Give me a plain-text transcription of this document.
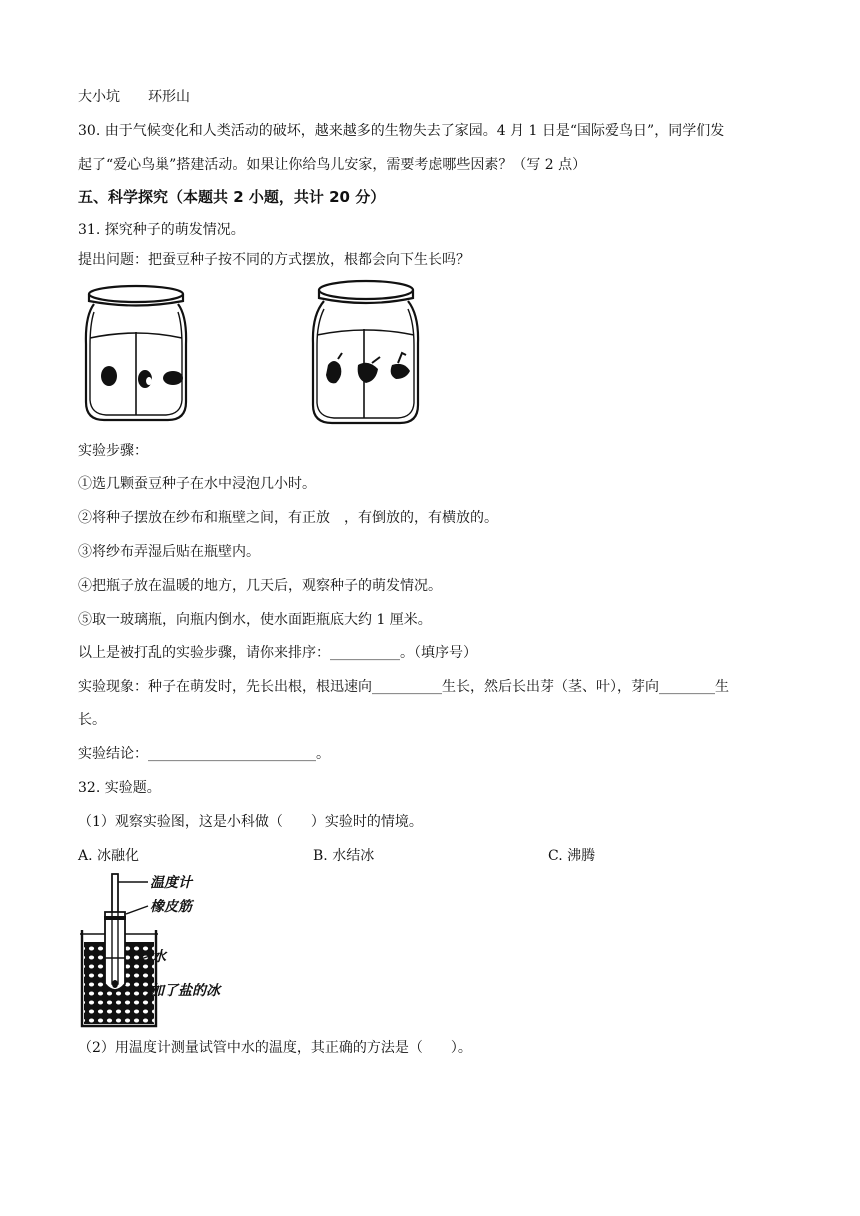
大小坑 环形山
30. 由于气候变化和人类活动的破坏，越来越多的生物失去了家园。4 月 1 日是“国际爱鸟日”，同学们发
起了“爱心鸟巢”搭建活动。如果让你给鸟儿安家，需要考虑哪些因素？（写 2 点）
五、科学探究（本题共 2 小题，共计 20 分）
31. 探究种子的萌发情况。
提出问题：把蚕豆种子按不同的方式摆放，根都会向下生长吗？
实验步骤：
①选几颗蚕豆种子在水中浸泡几小时。
②将种子摆放在纱布和瓶壁之间，有正放　，有倒放的，有横放的。
③将纱布弄湿后贴在瓶壁内。
④把瓶子放在温暖的地方，几天后，观察种子的萌发情况。
⑤取一玻璃瓶，向瓶内倒水，使水面距瓶底大约 1 厘米。
以上是被打乱的实验步骤，请你来排序：__________。（填序号）
实验现象：种子在萌发时，先长出根，根迅速向__________生长，然后长出芽（茎、叶），芽向________生
长。
实验结论：________________________。
32. 实验题。
（1）观察实验图，这是小科做（　　）实验时的情境。
A. 冰融化	B. 水结冰	C. 沸腾
温度计
橡皮筋
水
加了盐的冰
（2）用温度计测量试管中水的温度，其正确的方法是（　　）。
